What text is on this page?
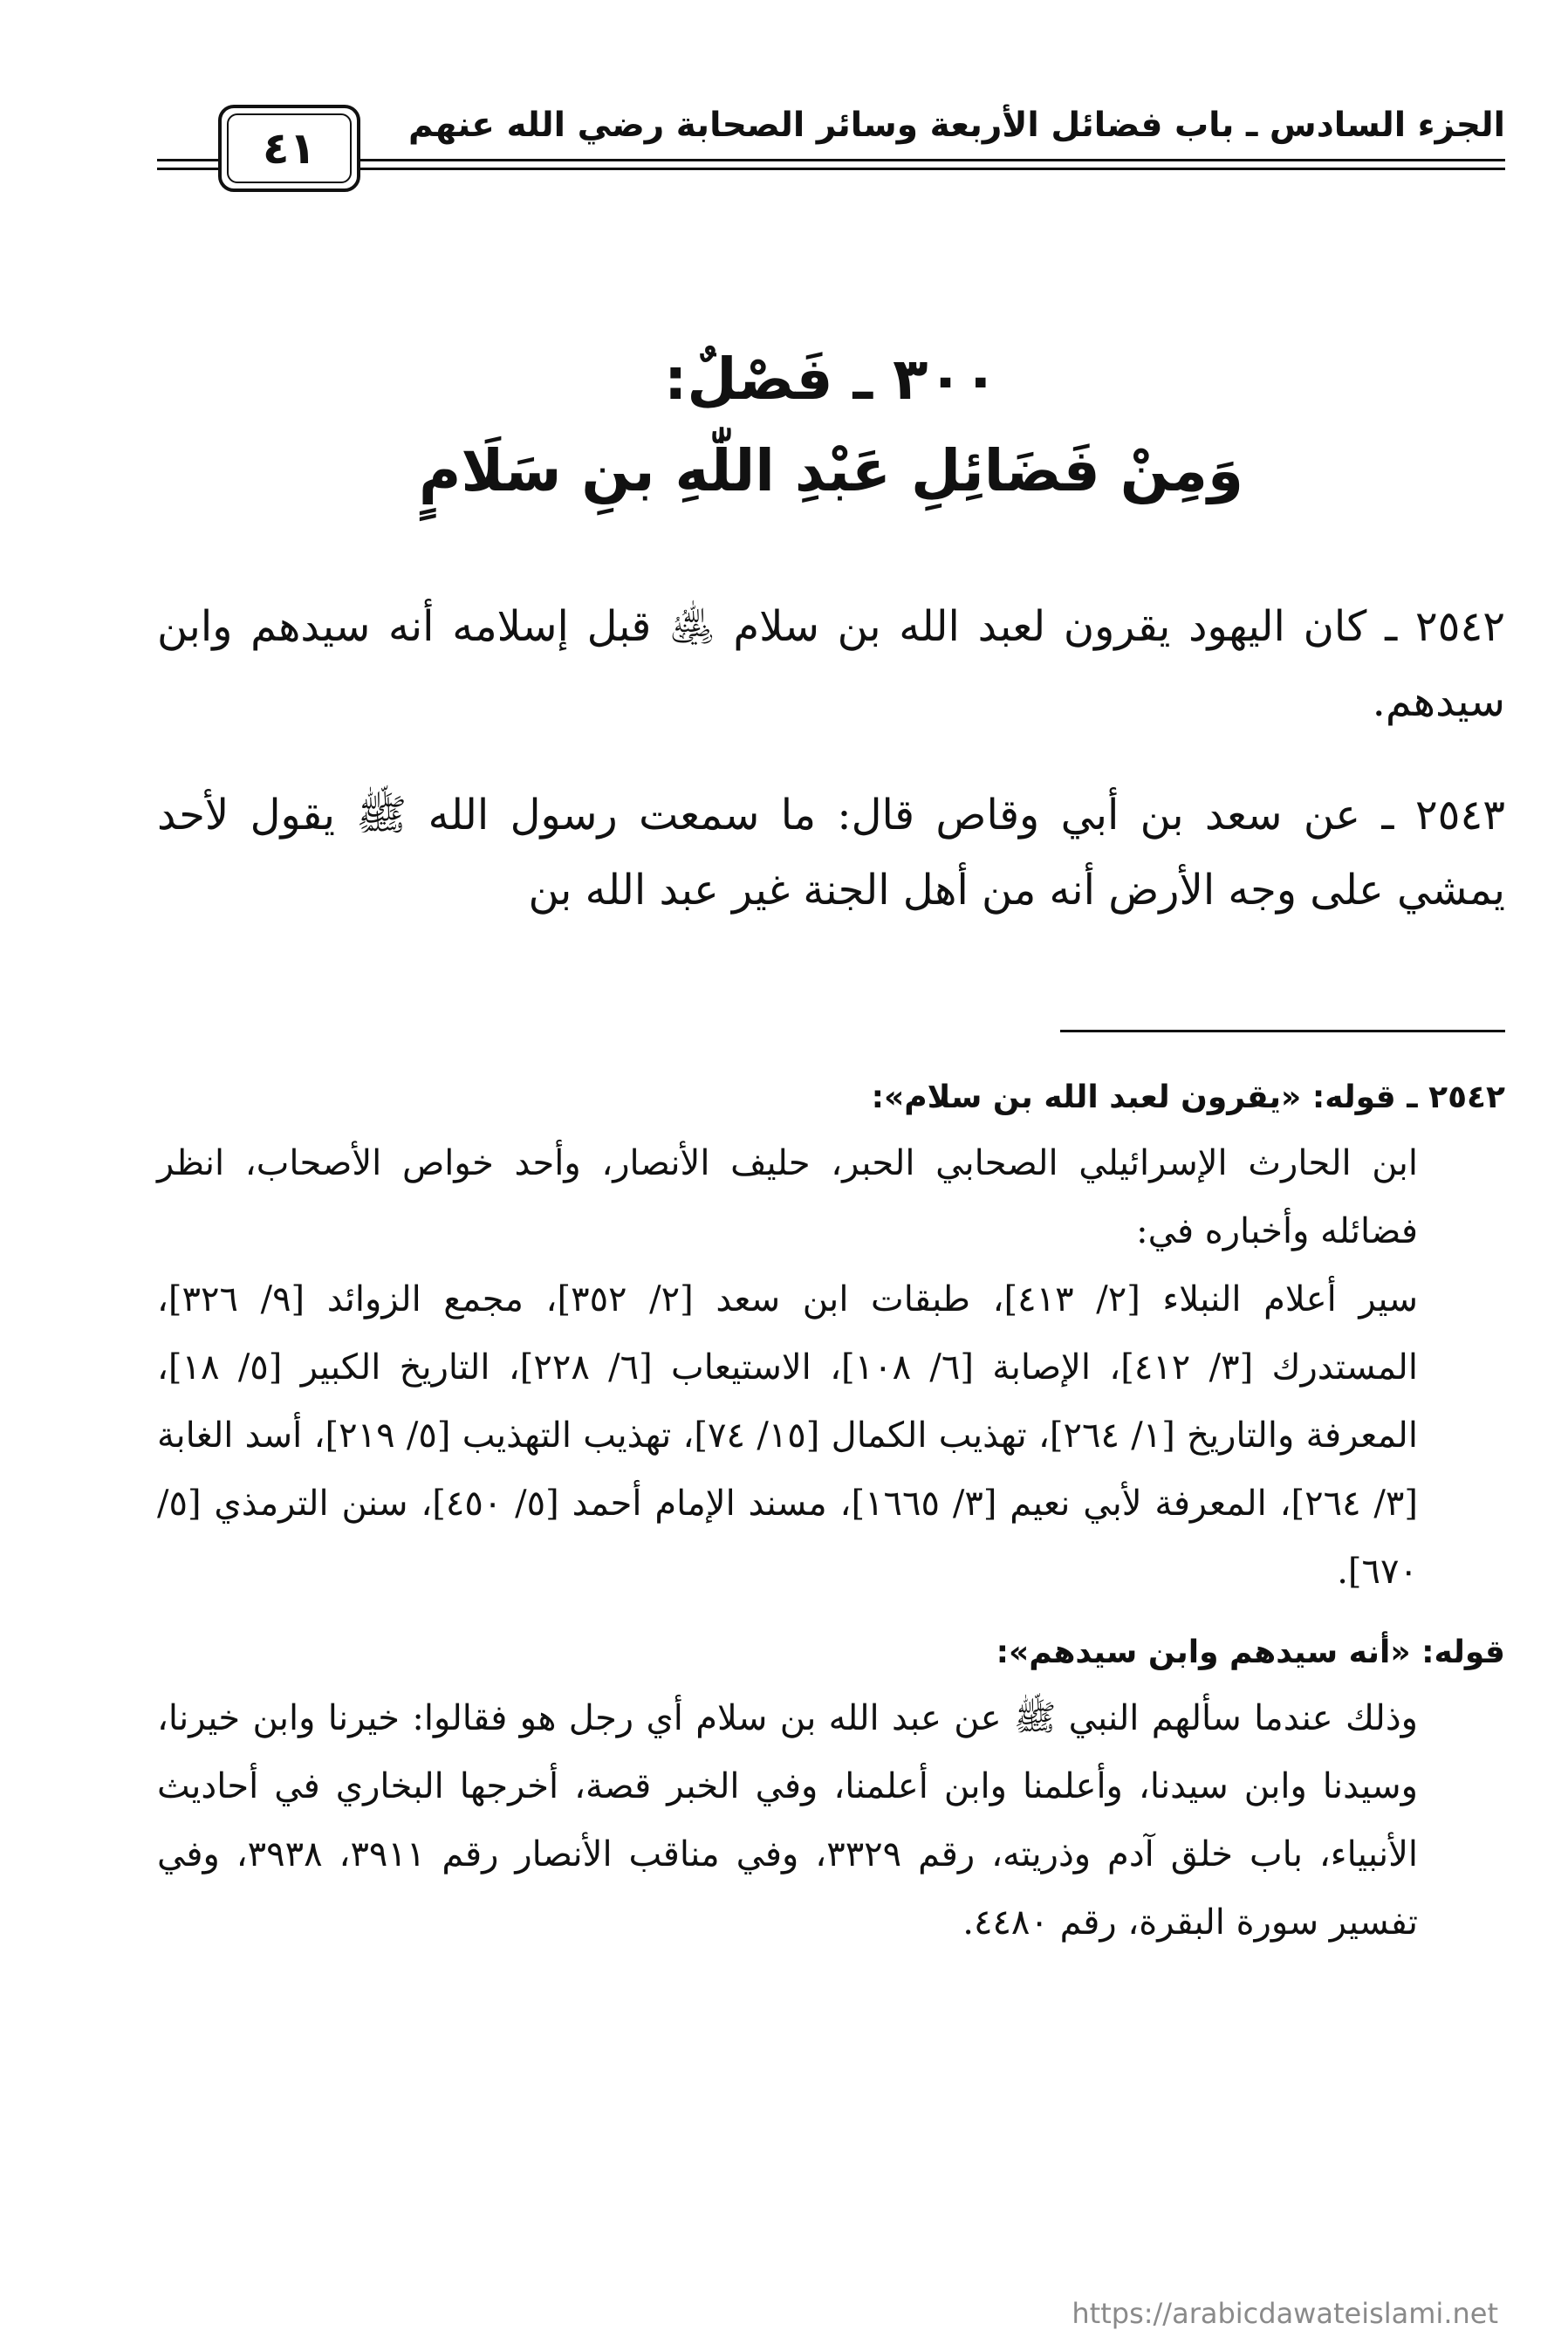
٤١	الجزء السادس ـ باب فضائل الأربعة وسائر الصحابة رضي الله عنهم
٣٠٠ ـ فَصْلٌ:
وَمِنْ فَضَائِلِ عَبْدِ اللّٰهِ بنِ سَلَامٍ

٢٥٤٢ ـ كان اليهود يقرون لعبد الله بن سلام ﵁ قبل إسلامه أنه سيدهم وابن سيدهم.

٢٥٤٣ ـ عن سعد بن أبي وقاص قال: ما سمعت رسول الله ﷺ يقول لأحد يمشي على وجه الأرض أنه من أهل الجنة غير عبد الله بن

٢٥٤٢ ـ قوله: «يقرون لعبد الله بن سلام»:

ابن الحارث الإسرائيلي الصحابي الحبر، حليف الأنصار، وأحد خواص الأصحاب، انظر فضائله وأخباره في:

سير أعلام النبلاء [٢/ ٤١٣]، طبقات ابن سعد [٢/ ٣٥٢]، مجمع الزوائد [٩/ ٣٢٦]، المستدرك [٣/ ٤١٢]، الإصابة [٦/ ١٠٨]، الاستيعاب [٦/ ٢٢٨]، التاريخ الكبير [٥/ ١٨]، المعرفة والتاريخ [١/ ٢٦٤]، تهذيب الكمال [١٥/ ٧٤]، تهذيب التهذيب [٥/ ٢١٩]، أسد الغابة [٣/ ٢٦٤]، المعرفة لأبي نعيم [٣/ ١٦٦٥]، مسند الإمام أحمد [٥/ ٤٥٠]، سنن الترمذي [٥/ ٦٧٠].

قوله: «أنه سيدهم وابن سيدهم»:

وذلك عندما سألهم النبي ﷺ عن عبد الله بن سلام أي رجل هو فقالوا: خيرنا وابن خيرنا، وسيدنا وابن سيدنا، وأعلمنا وابن أعلمنا، وفي الخبر قصة، أخرجها البخاري في أحاديث الأنبياء، باب خلق آدم وذريته، رقم ٣٣٢٩، وفي مناقب الأنصار رقم ٣٩١١، ٣٩٣٨، وفي تفسير سورة البقرة، رقم ٤٤٨٠.

https://arabicdawateislami.net
